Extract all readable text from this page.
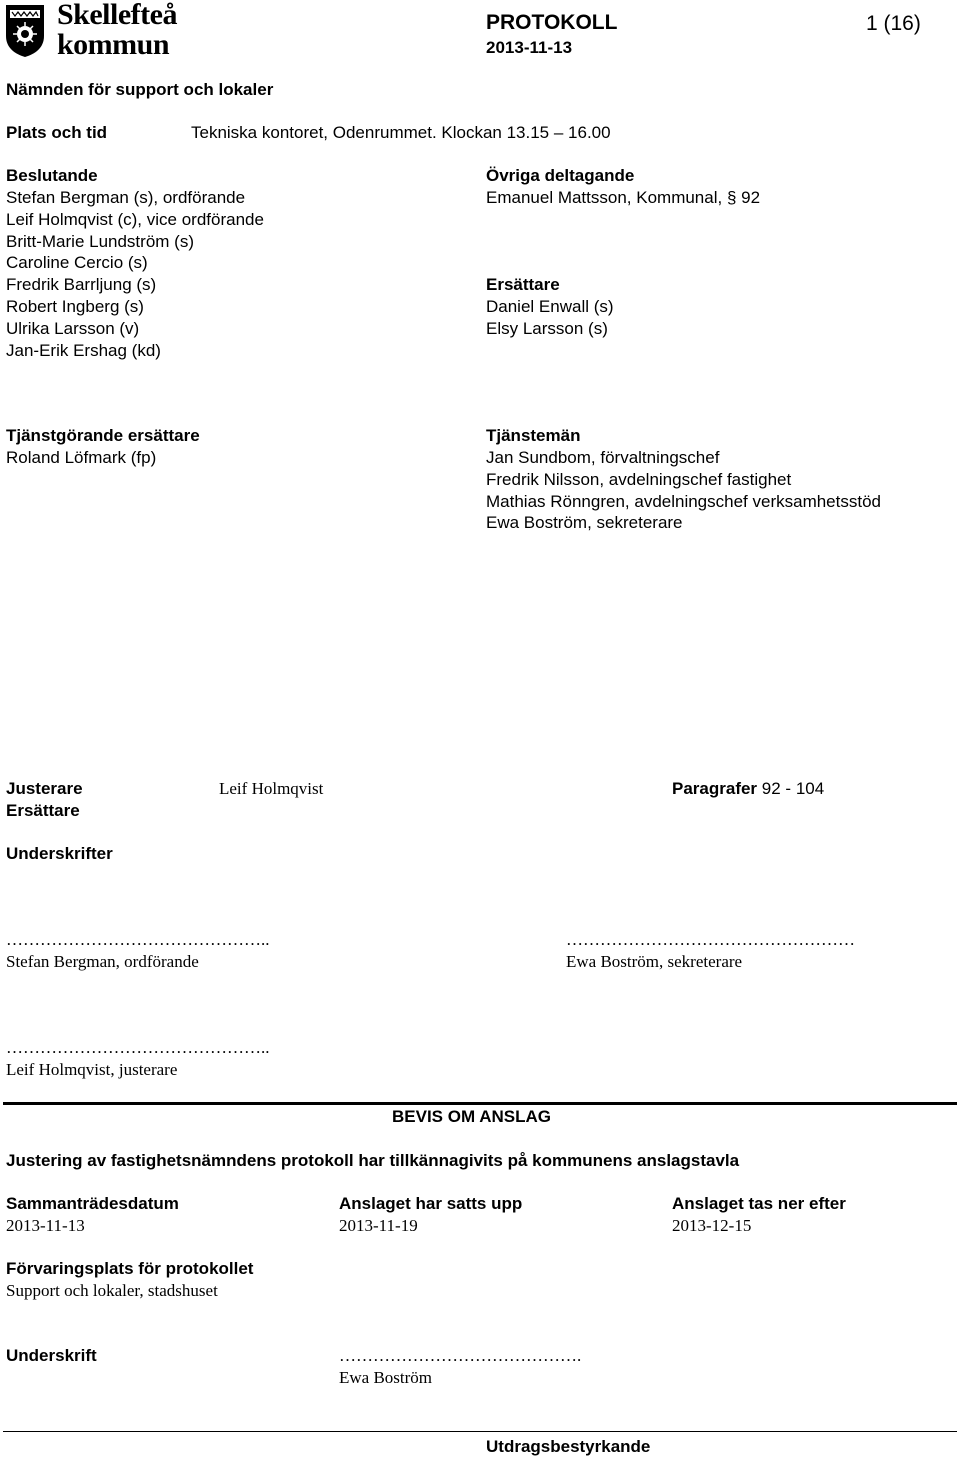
Skellefteå
kommun
PROTOKOLL
2013-11-13
1 (16)
Nämnden för support och lokaler
Plats och tid	Tekniska kontoret, Odenrummet. Klockan 13.15 – 16.00
Beslutande
Stefan Bergman (s), ordförande
Leif Holmqvist (c), vice ordförande
Britt-Marie Lundström (s)
Caroline Cercio (s)
Fredrik Barrljung (s)
Robert Ingberg (s)
Ulrika Larsson (v)
Jan-Erik Ershag (kd)
Övriga deltagande
Emanuel Mattsson, Kommunal, § 92
Ersättare
Daniel Enwall (s)
Elsy Larsson (s)
Tjänstgörande ersättare
Roland Löfmark (fp)
Tjänstemän
Jan Sundbom, förvaltningschef
Fredrik Nilsson, avdelningschef fastighet
Mathias Rönngren, avdelningschef verksamhetsstöd
Ewa Boström, sekreterare
Justerare	Leif Holmqvist	Paragrafer 92 - 104
Ersättare
Underskrifter
………………………………………..
Stefan Bergman, ordförande
……………………………………………
Ewa Boström, sekreterare
………………………………………..
Leif Holmqvist, justerare
BEVIS OM ANSLAG
Justering av fastighetsnämndens protokoll har tillkännagivits på kommunens anslagstavla
Sammanträdesdatum
2013-11-13
Anslaget har satts upp
2013-11-19
Anslaget tas ner efter
2013-12-15
Förvaringsplats för protokollet
Support och lokaler, stadshuset
Underskrift	…………………………………….
Ewa Boström
Utdragsbestyrkande
